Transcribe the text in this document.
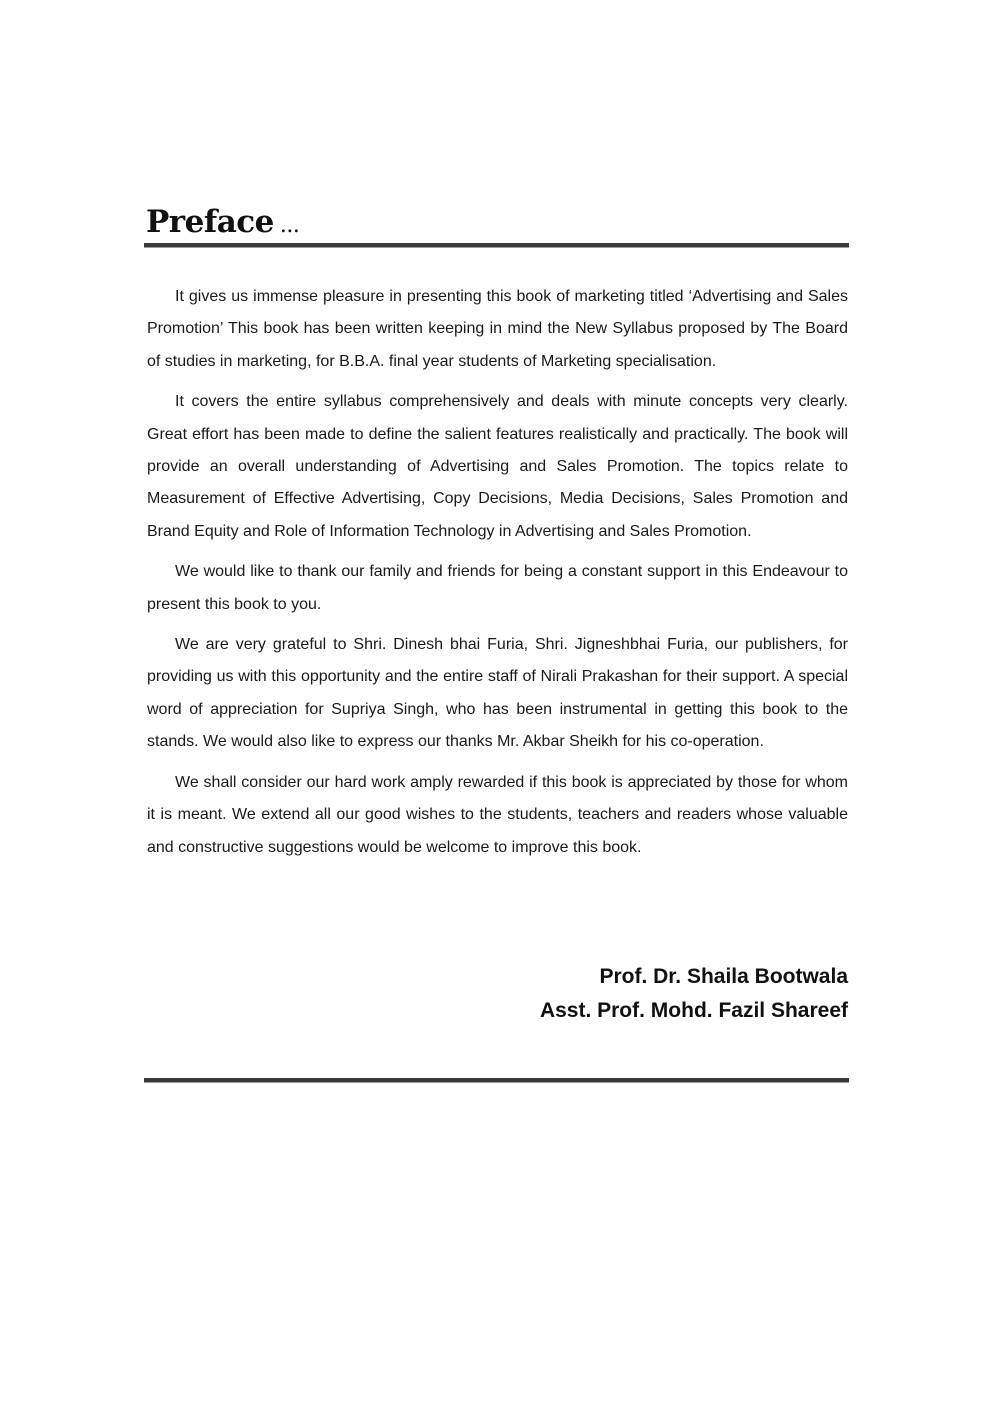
Preface ...

It gives us immense pleasure in presenting this book of marketing titled ‘Advertising and Sales Promotion’ This book has been written keeping in mind the New Syllabus proposed by The Board of studies in marketing, for B.B.A. final year students of Marketing specialisation.

It covers the entire syllabus comprehensively and deals with minute concepts very clearly. Great effort has been made to define the salient features realistically and practically. The book will provide an overall understanding of Advertising and Sales Promotion. The topics relate to Measurement of Effective Advertising, Copy Decisions, Media Decisions, Sales Promotion and Brand Equity and Role of Information Technology in Advertising and Sales Promotion.

We would like to thank our family and friends for being a constant support in this Endeavour to present this book to you.

We are very grateful to Shri. Dinesh bhai Furia, Shri. Jigneshbhai Furia, our publishers, for providing us with this opportunity and the entire staff of Nirali Prakashan for their support. A special word of appreciation for Supriya Singh, who has been instrumental in getting this book to the stands. We would also like to express our thanks Mr. Akbar Sheikh for his co-operation.

We shall consider our hard work amply rewarded if this book is appreciated by those for whom it is meant. We extend all our good wishes to the students, teachers and readers whose valuable and constructive suggestions would be welcome to improve this book.

Prof. Dr. Shaila Bootwala
Asst. Prof. Mohd. Fazil Shareef
